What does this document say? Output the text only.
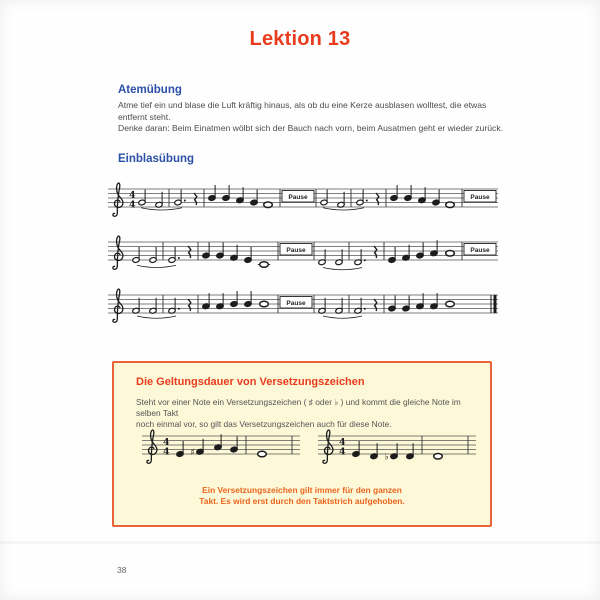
Lektion 13
Atemübung
Atme tief ein und blase die Luft kräftig hinaus, als ob du eine Kerze ausblasen wolltest, die etwas entfernt steht.
Denke daran: Beim Einatmen wölbt sich der Bauch nach vorn, beim Ausatmen geht er wieder zurück.
Einblasübung
4
4
Pause	Pause
Pause	Pause
Pause
Die Geltungsdauer von Versetzungszeichen
Steht vor einer Note ein Versetzungszeichen ( ♯ oder ♭ ) und kommt die gleiche Note im selben Takt
noch einmal vor, so gilt das Versetzungszeichen auch für diese Note.
4
4 ♯
4
4	♭
Ein Versetzungszeichen gilt immer für den ganzen
Takt. Es wird erst durch den Taktstrich aufgehoben.
38
